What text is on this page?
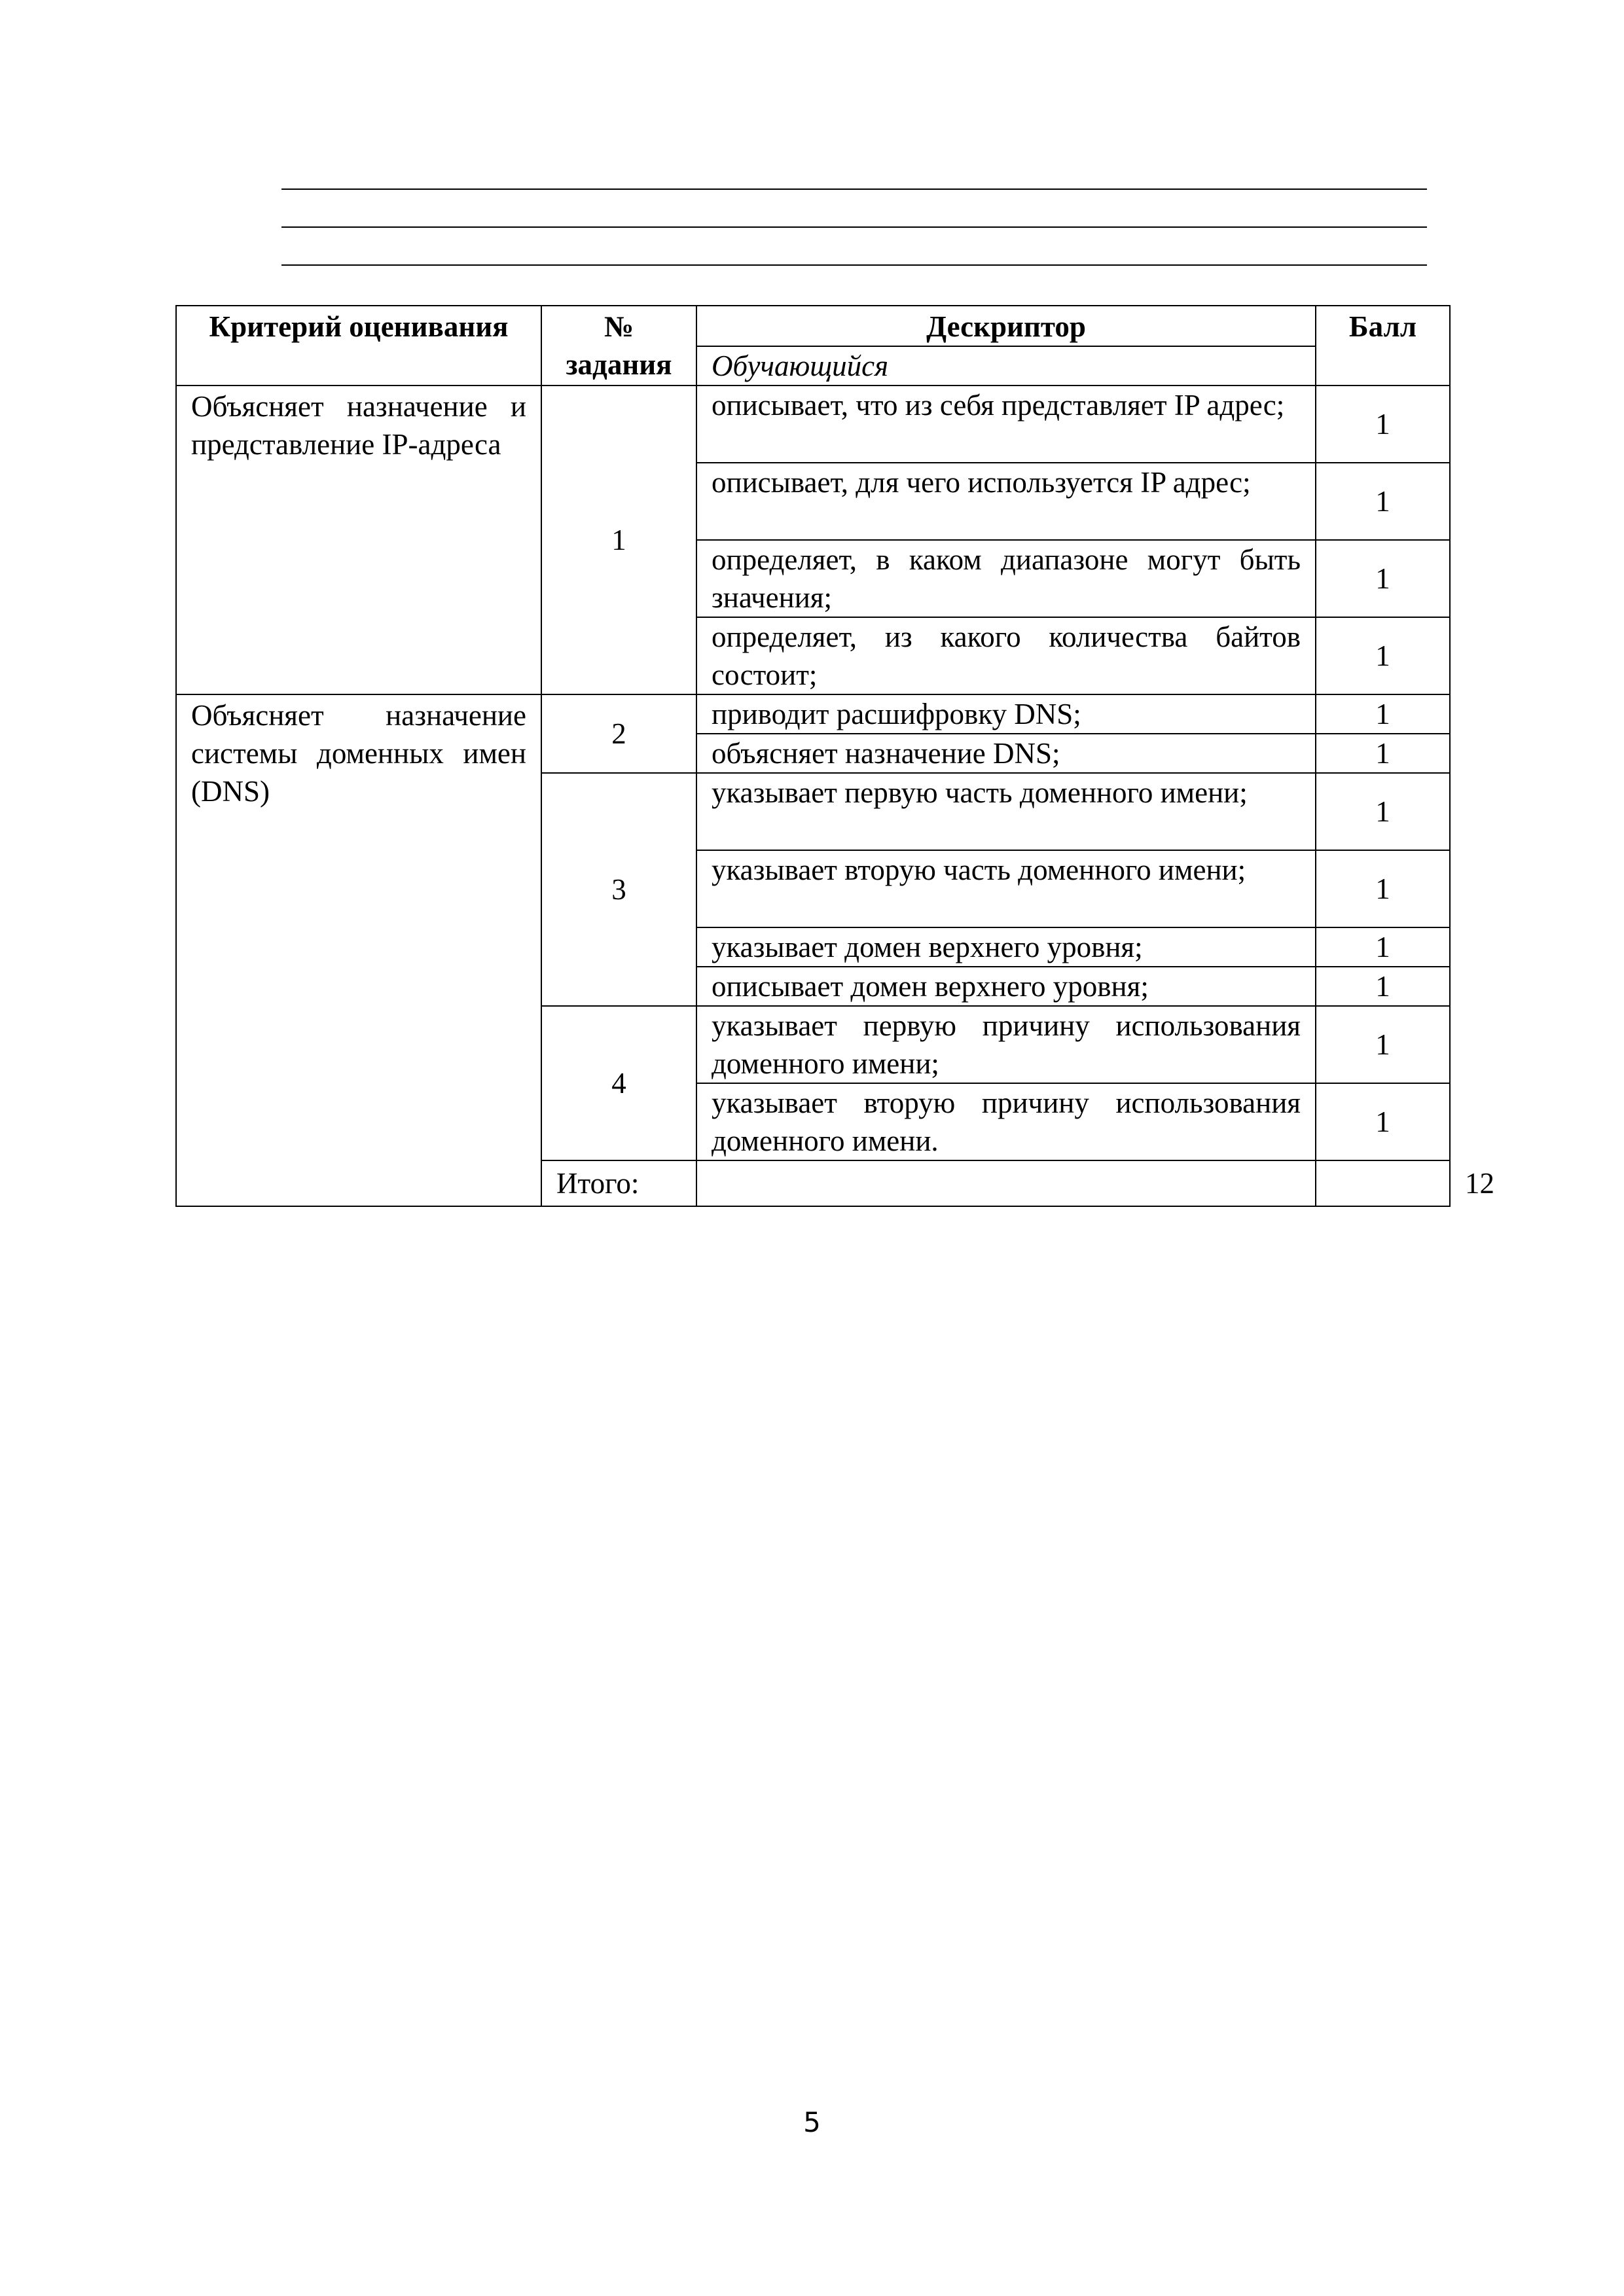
Критерий оценивания	№ задания	Дескриптор	Балл	
		Обучающийся		
Объясняет назначение и представление IP-адреса	1	описывает, что из себя представляет IP адрес;	1	
		описывает, для чего используется IP адрес;	1	
		определяет, в каком диапазоне могут быть значения;	1	
		определяет, из какого количества байтов состоит;	1	
Объясняет назначение системы доменных имен (DNS)	2	приводит расшифровку DNS;	1	
		объясняет назначение DNS;	1	
	3	указывает первую часть доменного имени;	1	
		указывает вторую часть доменного имени;	1	
		указывает домен верхнего уровня;	1	
		описывает домен верхнего уровня;	1	
	4	указывает первую причину использования доменного имени;	1	
		указывает вторую причину использования доменного имени.	1	
	Итого:			12
5
